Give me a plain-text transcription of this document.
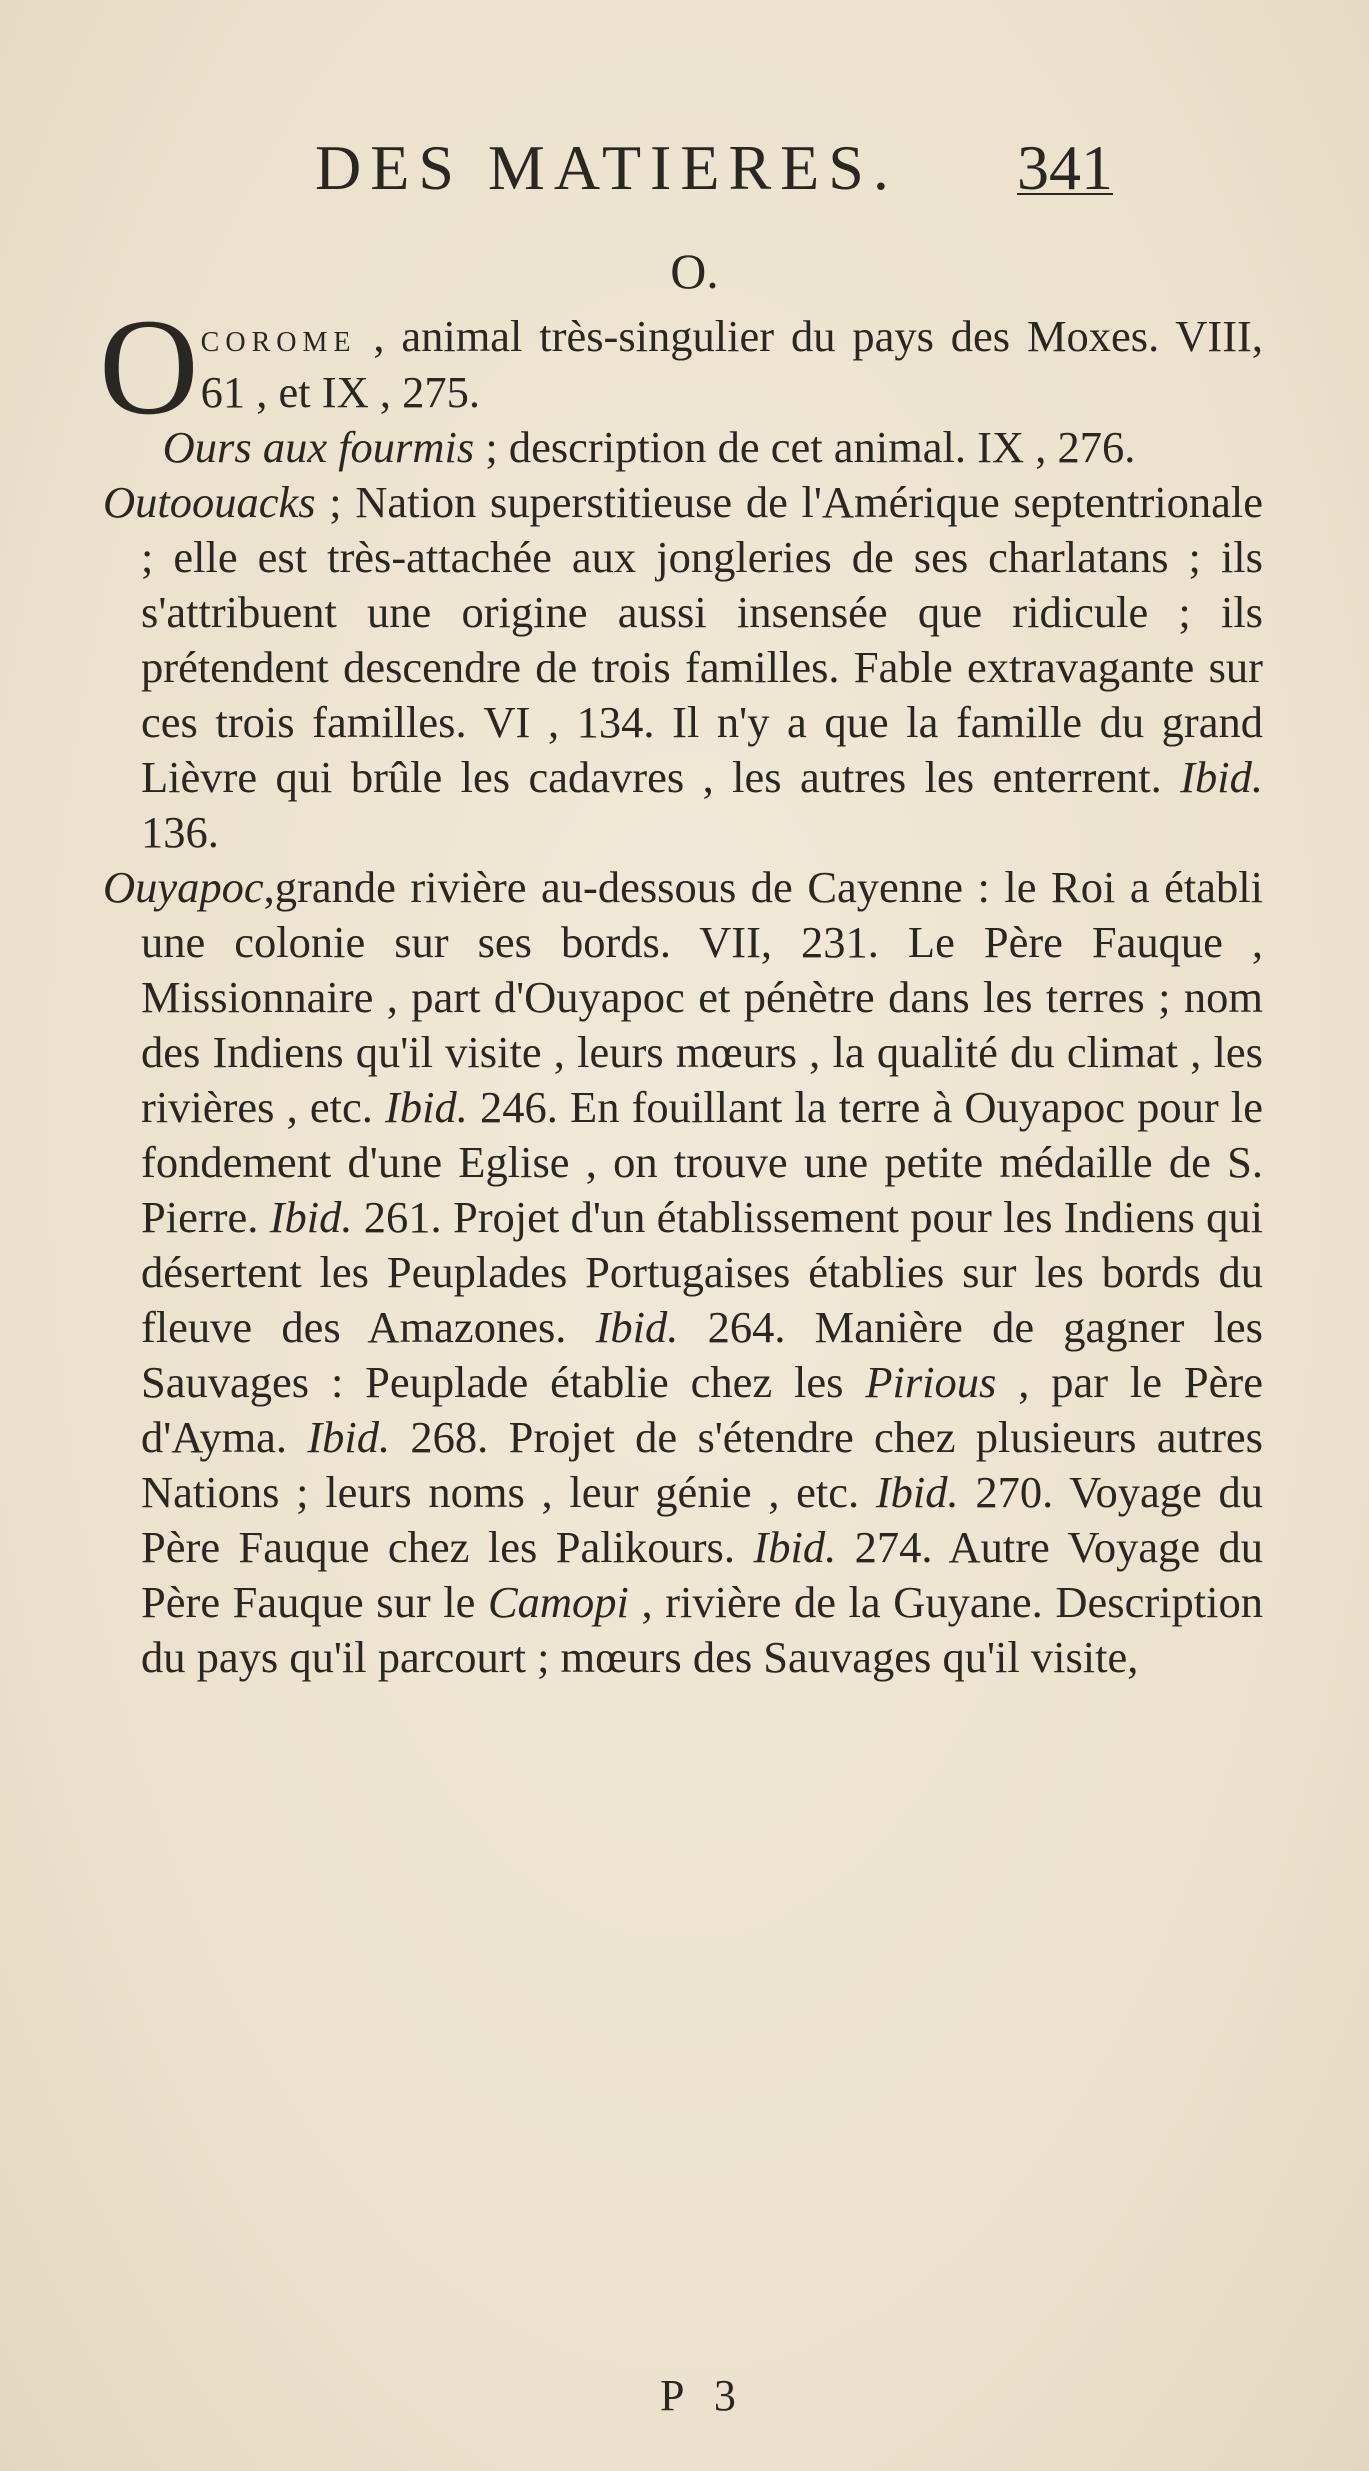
DES MATIERES. 341
O.

Ocorome , animal très-singulier du pays des Moxes. VIII, 61 , et IX , 275.

Ours aux fourmis ; description de cet animal. IX , 276.

Outoouacks ; Nation superstitieuse de l'Amérique septentrionale ; elle est très-attachée aux jongleries de ses charlatans ; ils s'attribuent une origine aussi insensée que ridicule ; ils prétendent descendre de trois familles. Fable extravagante sur ces trois familles. VI , 134. Il n'y a que la famille du grand Lièvre qui brûle les cadavres , les autres les enterrent. Ibid. 136.

Ouyapoc,grande rivière au-dessous de Cayenne : le Roi a établi une colonie sur ses bords. VII, 231. Le Père Fauque , Missionnaire , part d'Ouyapoc et pénètre dans les terres ; nom des Indiens qu'il visite , leurs mœurs , la qualité du climat , les rivières , etc. Ibid. 246. En fouillant la terre à Ouyapoc pour le fondement d'une Eglise , on trouve une petite médaille de S. Pierre. Ibid. 261. Projet d'un établissement pour les Indiens qui désertent les Peuplades Portugaises établies sur les bords du fleuve des Amazones. Ibid. 264. Manière de gagner les Sauvages : Peuplade établie chez les Pirious , par le Père d'Ayma. Ibid. 268. Projet de s'étendre chez plusieurs autres Nations ; leurs noms , leur génie , etc. Ibid. 270. Voyage du Père Fauque chez les Palikours. Ibid. 274. Autre Voyage du Père Fauque sur le Camopi , rivière de la Guyane. Description du pays qu'il parcourt ; mœurs des Sauvages qu'il visite,

P 3
